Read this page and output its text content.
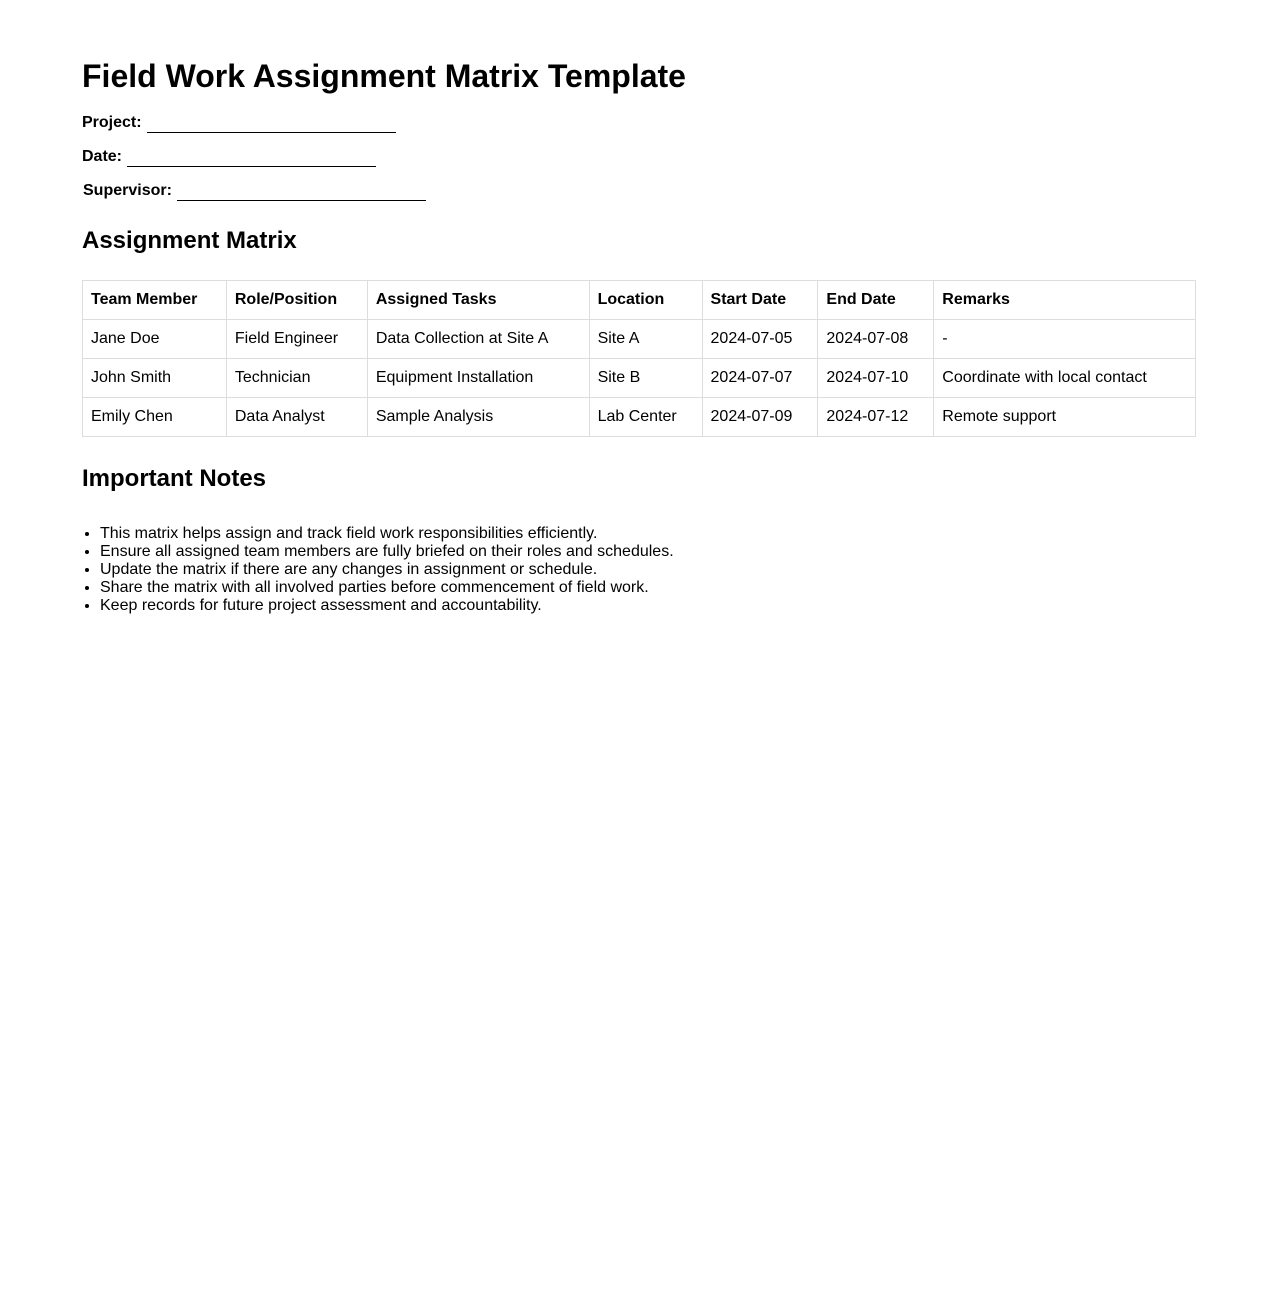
Field Work Assignment Matrix Template
Project:
Date:
Supervisor:
Assignment Matrix
Team Member	Role/Position	Assigned Tasks	Location	Start Date	End Date	Remarks
Jane Doe	Field Engineer	Data Collection at Site A	Site A	2024-07-05	2024-07-08	-
John Smith	Technician	Equipment Installation	Site B	2024-07-07	2024-07-10	Coordinate with local contact
Emily Chen	Data Analyst	Sample Analysis	Lab Center	2024-07-09	2024-07-12	Remote support
Important Notes
• This matrix helps assign and track field work responsibilities efficiently.
• Ensure all assigned team members are fully briefed on their roles and schedules.
• Update the matrix if there are any changes in assignment or schedule.
• Share the matrix with all involved parties before commencement of field work.
• Keep records for future project assessment and accountability.
